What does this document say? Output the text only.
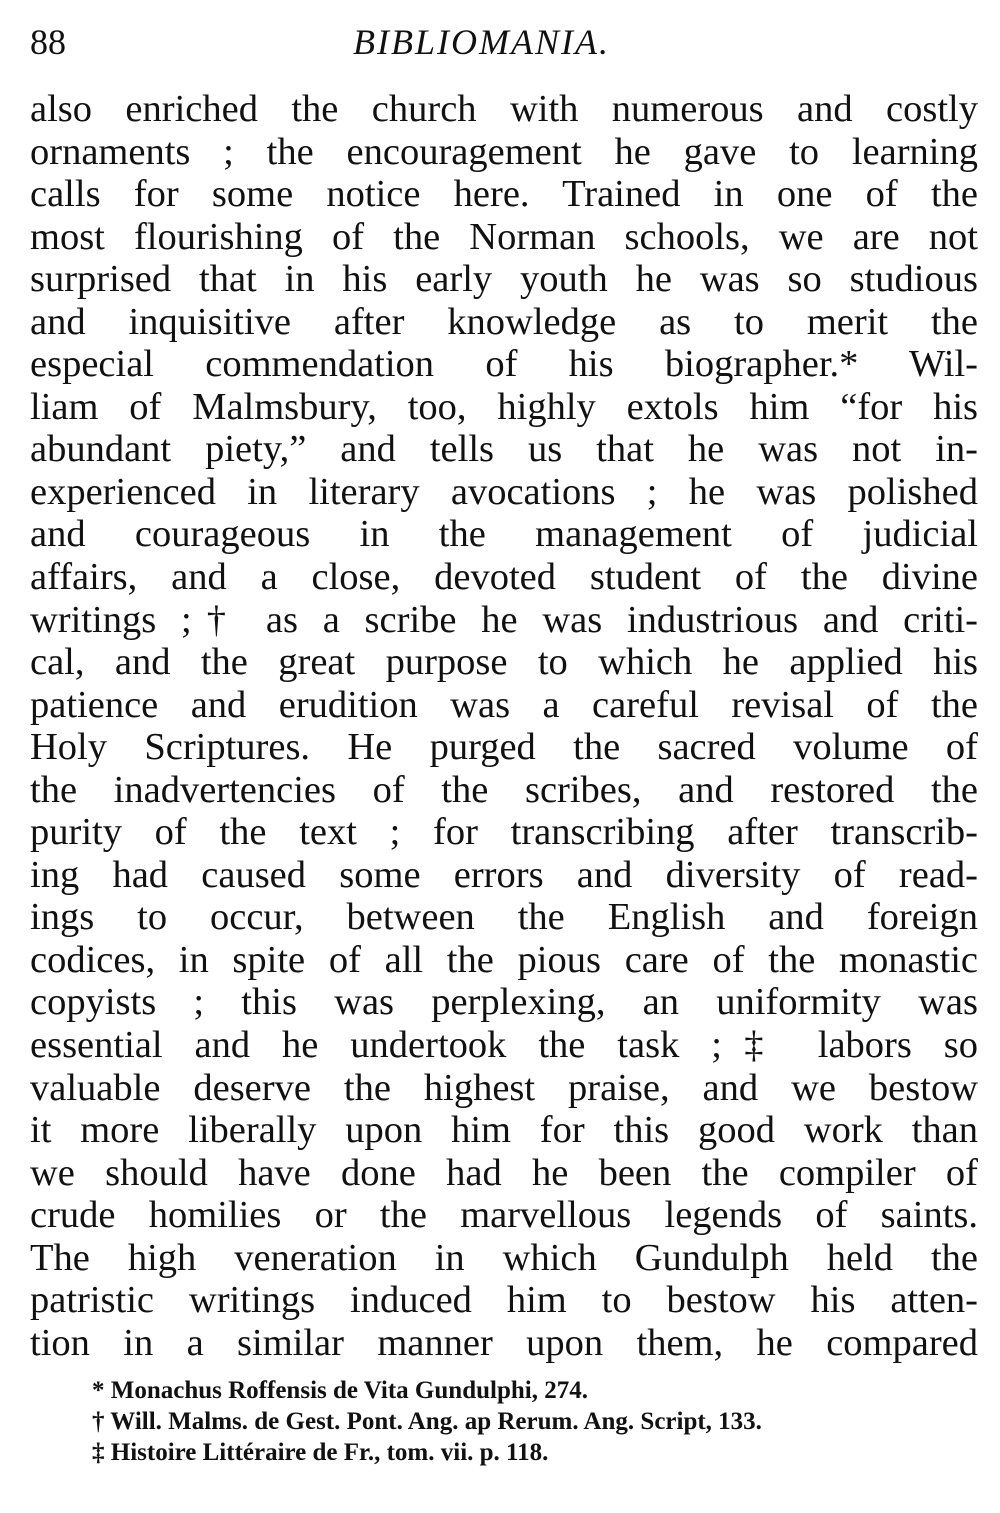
88	BIBLIOMANIA.
also enriched the church with numerous and costly
ornaments ; the encouragement he gave to learning
calls for some notice here. Trained in one of the
most flourishing of the Norman schools, we are not
surprised that in his early youth he was so studious
and inquisitive after knowledge as to merit the
especial commendation of his biographer.* Wil-
liam of Malmsbury, too, highly extols him “for his
abundant piety,” and tells us that he was not in-
experienced in literary avocations ; he was polished
and courageous in the management of judicial
affairs, and a close, devoted student of the divine
writings ;† as a scribe he was industrious and criti-
cal, and the great purpose to which he applied his
patience and erudition was a careful revisal of the
Holy Scriptures. He purged the sacred volume of
the inadvertencies of the scribes, and restored the
purity of the text ; for transcribing after transcrib-
ing had caused some errors and diversity of read-
ings to occur, between the English and foreign
codices, in spite of all the pious care of the monastic
copyists ; this was perplexing, an uniformity was
essential and he undertook the task ;‡ labors so
valuable deserve the highest praise, and we bestow
it more liberally upon him for this good work than
we should have done had he been the compiler of
crude homilies or the marvellous legends of saints.
The high veneration in which Gundulph held the
patristic writings induced him to bestow his atten-
tion in a similar manner upon them, he compared
* Monachus Roffensis de Vita Gundulphi, 274.
† Will. Malms. de Gest. Pont. Ang. ap Rerum. Ang. Script, 133.
‡ Histoire Littéraire de Fr., tom. vii. p. 118.
